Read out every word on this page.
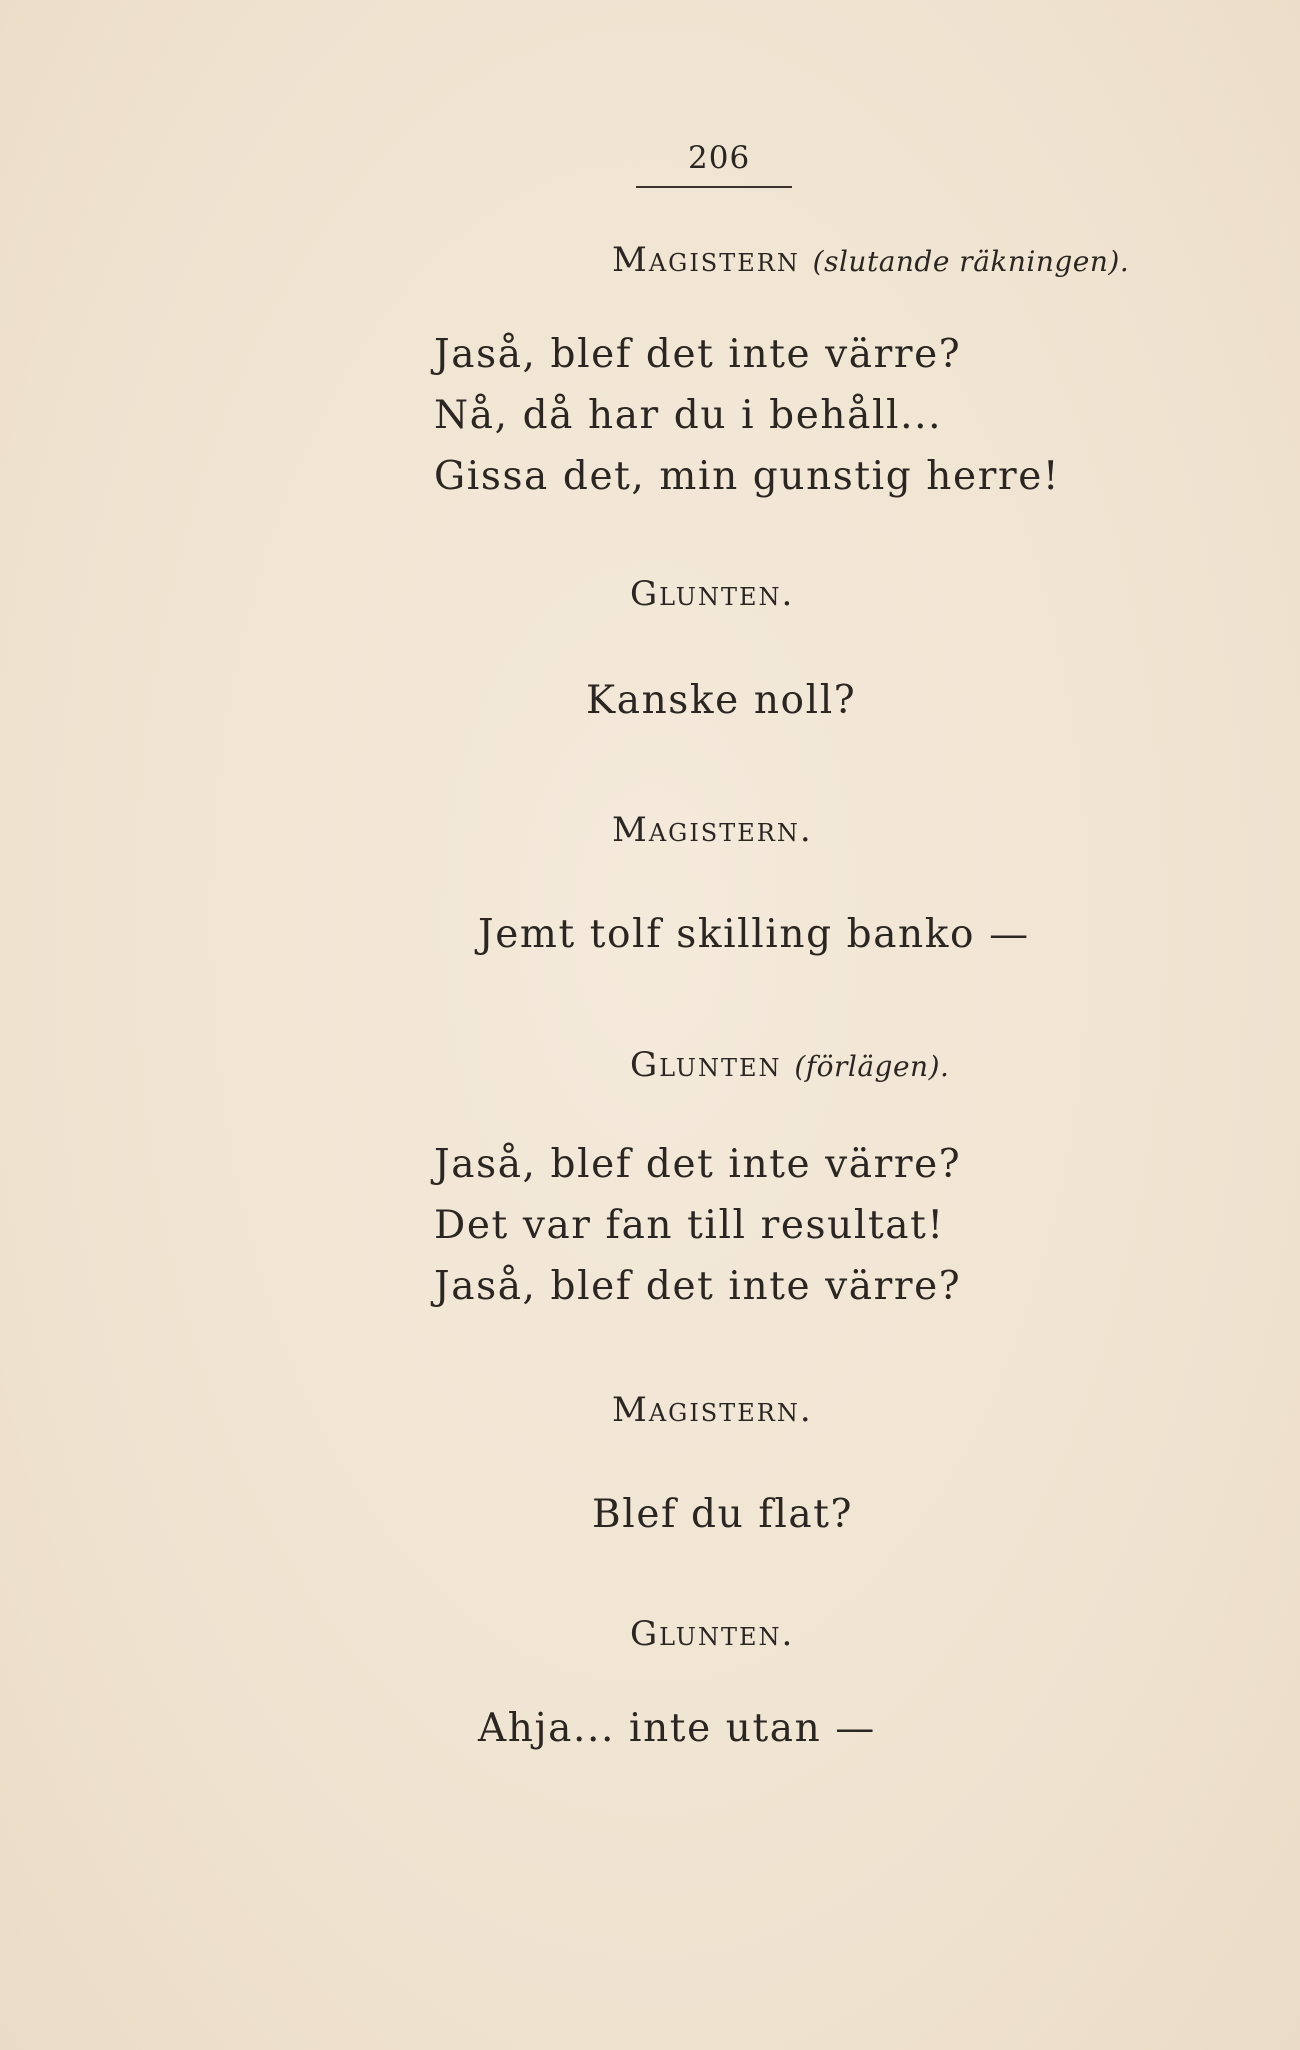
206
Magistern (slutande räkningen).
Jaså, blef det inte värre?
Nå, då har du i behåll...
Gissa det, min gunstig herre!
Glunten.
Kanske noll?
Magistern.
Jemt tolf skilling banko —
Glunten (förlägen).
Jaså, blef det inte värre?
Det var fan till resultat!
Jaså, blef det inte värre?
Magistern.
Blef du flat?
Glunten.
Ahja... inte utan —
